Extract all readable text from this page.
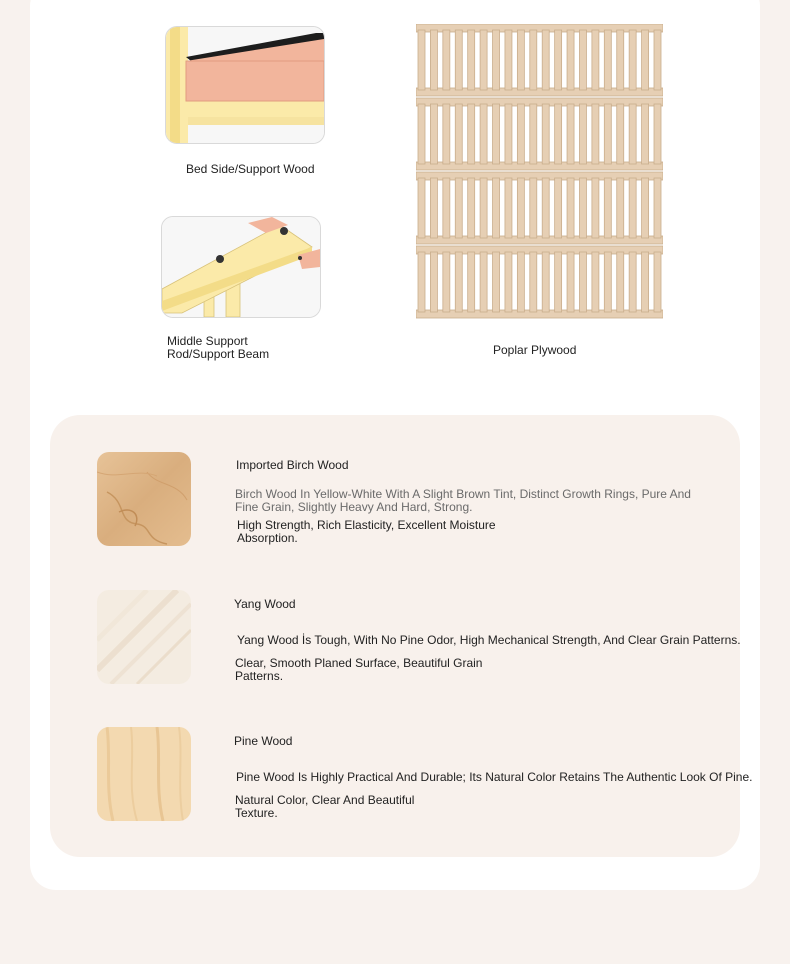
Bed Side/Support Wood
Middle Support
Rod/Support Beam	Poplar Plywood
Imported Birch Wood
Birch Wood In Yellow-White With A Slight Brown Tint, Distinct Growth Rings, Pure And Fine Grain, Slightly Heavy And Hard, Strong.
High Strength, Rich Elasticity, Excellent Moisture Absorption.
Yang Wood
Yang Wood İs Tough, With No Pine Odor, High Mechanical Strength, And Clear Grain Patterns.
Clear, Smooth Planed Surface, Beautiful Grain Patterns.
Pine Wood
Pine Wood Is Highly Practical And Durable; Its Natural Color Retains The Authentic Look Of Pine.
Natural Color, Clear And Beautiful Texture.
